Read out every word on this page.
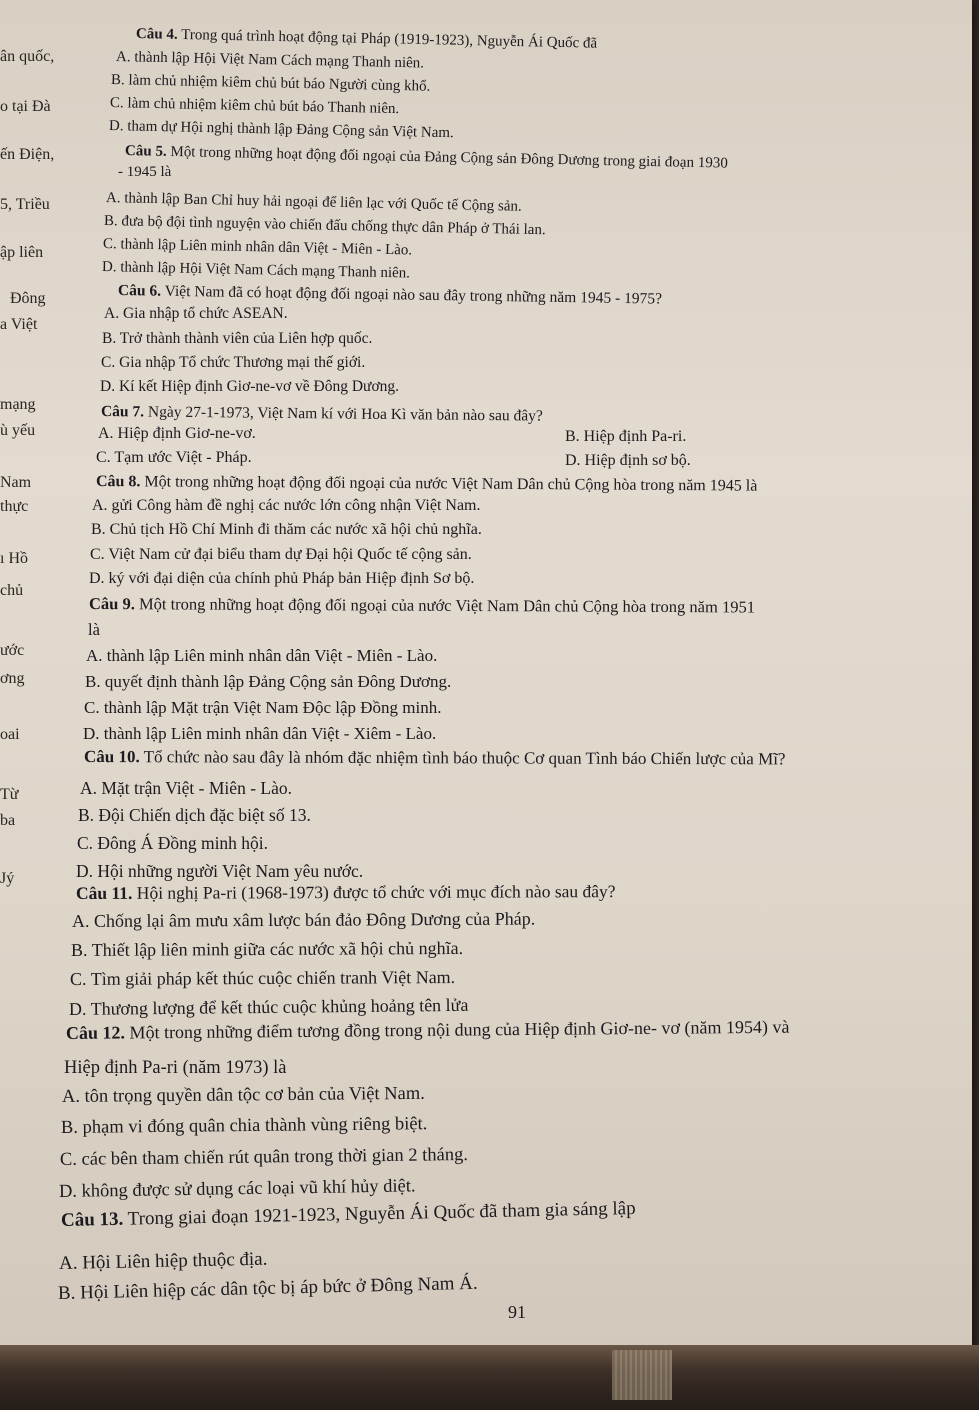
ân quốc,
o tại Đà
ến Điện,
5, Triều
ập liên
Đông
a Việt
mạng
ù yếu
Nam
thực
ı Hồ
chủ
ước
ơng
oai
Từ
ba
Jý
Câu 4. Trong quá trình hoạt động tại Pháp (1919-1923), Nguyễn Ái Quốc đã
A. thành lập Hội Việt Nam Cách mạng Thanh niên.
B. làm chủ nhiệm kiêm chủ bút báo Người cùng khổ.
C. làm chủ nhiệm kiêm chủ bút báo Thanh niên.
D. tham dự Hội nghị thành lập Đảng Cộng sản Việt Nam.
Câu 5. Một trong những hoạt động đối ngoại của Đảng Cộng sản Đông Dương trong giai đoạn 1930
- 1945 là
A. thành lập Ban Chỉ huy hải ngoại để liên lạc với Quốc tế Cộng sản.
B. đưa bộ đội tình nguyện vào chiến đấu chống thực dân Pháp ở Thái lan.
C. thành lập Liên minh nhân dân Việt - Miên - Lào.
D. thành lập Hội Việt Nam Cách mạng Thanh niên.
Câu 6. Việt Nam đã có hoạt động đối ngoại nào sau đây trong những năm 1945 - 1975?
A. Gia nhập tổ chức ASEAN.
B. Trở thành thành viên của Liên hợp quốc.
C. Gia nhập Tổ chức Thương mại thế giới.
D. Kí kết Hiệp định Giơ-ne-vơ về Đông Dương.
Câu 7. Ngày 27-1-1973, Việt Nam kí với Hoa Kì văn bản nào sau đây?
A. Hiệp định Giơ-ne-vơ.	B. Hiệp định Pa-ri.
C. Tạm ước Việt - Pháp.	D. Hiệp định sơ bộ.
Câu 8. Một trong những hoạt động đối ngoại của nước Việt Nam Dân chủ Cộng hòa trong năm 1945 là
A. gửi Công hàm đề nghị các nước lớn công nhận Việt Nam.
B. Chủ tịch Hồ Chí Minh đi thăm các nước xã hội chủ nghĩa.
C. Việt Nam cử đại biểu tham dự Đại hội Quốc tế cộng sản.
D. ký với đại diện của chính phủ Pháp bản Hiệp định Sơ bộ.
Câu 9. Một trong những hoạt động đối ngoại của nước Việt Nam Dân chủ Cộng hòa trong năm 1951
là
A. thành lập Liên minh nhân dân Việt - Miên - Lào.
B. quyết định thành lập Đảng Cộng sản Đông Dương.
C. thành lập Mặt trận Việt Nam Độc lập Đồng minh.
D. thành lập Liên minh nhân dân Việt - Xiêm - Lào.
Câu 10. Tổ chức nào sau đây là nhóm đặc nhiệm tình báo thuộc Cơ quan Tình báo Chiến lược của Mĩ?
A. Mặt trận Việt - Miên - Lào.
B. Đội Chiến dịch đặc biệt số 13.
C. Đông Á Đồng minh hội.
D. Hội những người Việt Nam yêu nước.
Câu 11. Hội nghị Pa-ri (1968-1973) được tổ chức với mục đích nào sau đây?
A. Chống lại âm mưu xâm lược bán đảo Đông Dương của Pháp.
B. Thiết lập liên minh giữa các nước xã hội chủ nghĩa.
C. Tìm giải pháp kết thúc cuộc chiến tranh Việt Nam.
D. Thương lượng để kết thúc cuộc khủng hoảng tên lửa
Câu 12. Một trong những điểm tương đồng trong nội dung của Hiệp định Giơ-ne- vơ (năm 1954) và
Hiệp định Pa-ri (năm 1973) là
A. tôn trọng quyền dân tộc cơ bản của Việt Nam.
B. phạm vi đóng quân chia thành vùng riêng biệt.
C. các bên tham chiến rút quân trong thời gian 2 tháng.
D. không được sử dụng các loại vũ khí hủy diệt.
Câu 13. Trong giai đoạn 1921-1923, Nguyễn Ái Quốc đã tham gia sáng lập
A. Hội Liên hiệp thuộc địa.
B. Hội Liên hiệp các dân tộc bị áp bức ở Đông Nam Á.
91
